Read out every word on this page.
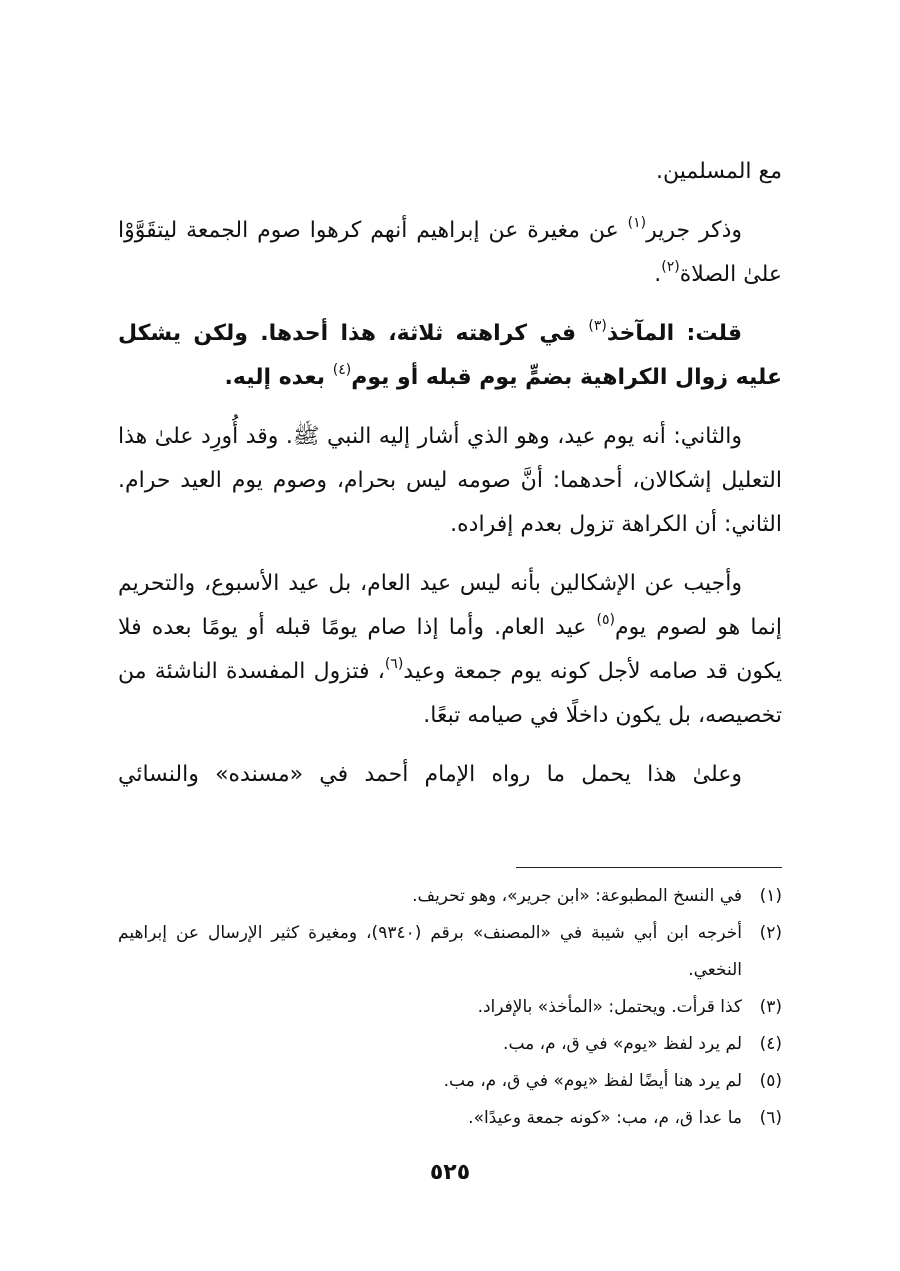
مع المسلمين.

وذكر جرير$^{(١)}$ عن مغيرة عن إبراهيم أنهم كرهوا صوم الجمعة ليتقَوَّوْا علىٰ الصلاة$^{(٢)}$.

قلت: المآخذ$^{(٣)}$ في كراهته ثلاثة، هذا أحدها. ولكن يشكل عليه زوال الكراهية بضمٍّ يوم قبله أو يوم$^{(٤)}$ بعده إليه.

والثاني: أنه يوم عيد، وهو الذي أشار إليه النبي ﷺ. وقد أُورِد علىٰ هذا التعليل إشكالان، أحدهما: أنَّ صومه ليس بحرام، وصوم يوم العيد حرام. الثاني: أن الكراهة تزول بعدم إفراده.

وأجيب عن الإشكالين بأنه ليس عيد العام، بل عيد الأسبوع، والتحريم إنما هو لصوم يوم$^{(٥)}$ عيد العام. وأما إذا صام يومًا قبله أو يومًا بعده فلا يكون قد صامه لأجل كونه يوم جمعة وعيد$^{(٦)}$، فتزول المفسدة الناشئة من تخصيصه، بل يكون داخلًا في صيامه تبعًا.

وعلىٰ هذا يحمل ما رواه الإمام أحمد في «مسنده» والنسائي

(١)
في النسخ المطبوعة: «ابن جرير»، وهو تحريف.
(٢)
أخرجه ابن أبي شيبة في «المصنف» برقم (٩٣٤٠)، ومغيرة كثير الإرسال عن إبراهيم النخعي.
(٣)
كذا قرأت. ويحتمل: «المأخذ» بالإفراد.
(٤)
لم يرد لفظ «يوم» في ق، م، مب.
(٥)
لم يرد هنا أيضًا لفظ «يوم» في ق، م، مب.
(٦)
ما عدا ق، م، مب: «كونه جمعة وعيدًا».
٥٢٥
